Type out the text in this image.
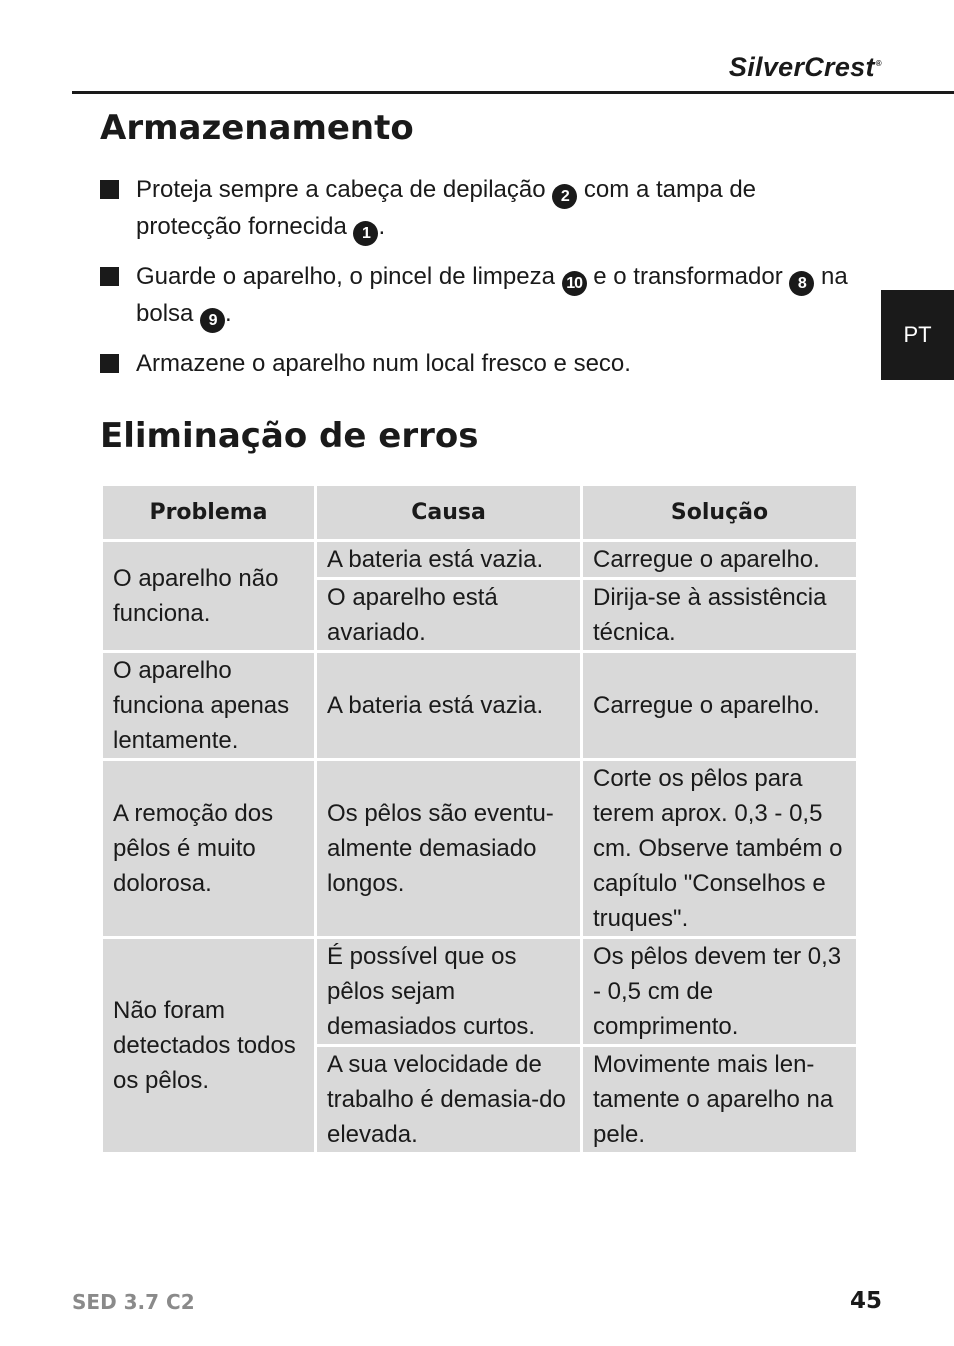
SilverCrest®
PT
Armazenamento
Proteja sempre a cabeça de depilação 2 com a tampa de protecção fornecida 1 .
Guarde o aparelho, o pincel de limpeza 10 e o transformador 8 na bolsa 9 .
Armazene o aparelho num local fresco e seco.
Eliminação de erros
Problema	Causa	Solução
O aparelho não funciona.	A bateria está vazia.	Carregue o aparelho.
	O aparelho está avariado.	Dirija-se à assistência técnica.
O aparelho funciona apenas lentamente.	A bateria está vazia.	Carregue o aparelho.
A remoção dos pêlos é muito dolorosa.	Os pêlos são eventu-almente demasiado longos.	Corte os pêlos para terem aprox. 0,3 - 0,5 cm. Observe também o capítulo "Conselhos e truques".
Não foram detectados todos os pêlos.	É possível que os pêlos sejam demasiados curtos.	Os pêlos devem ter 0,3 - 0,5 cm de comprimento.
	A sua velocidade de trabalho é demasia-do elevada.	Movimente mais len-tamente o aparelho na pele.
SED 3.7 C2	45
